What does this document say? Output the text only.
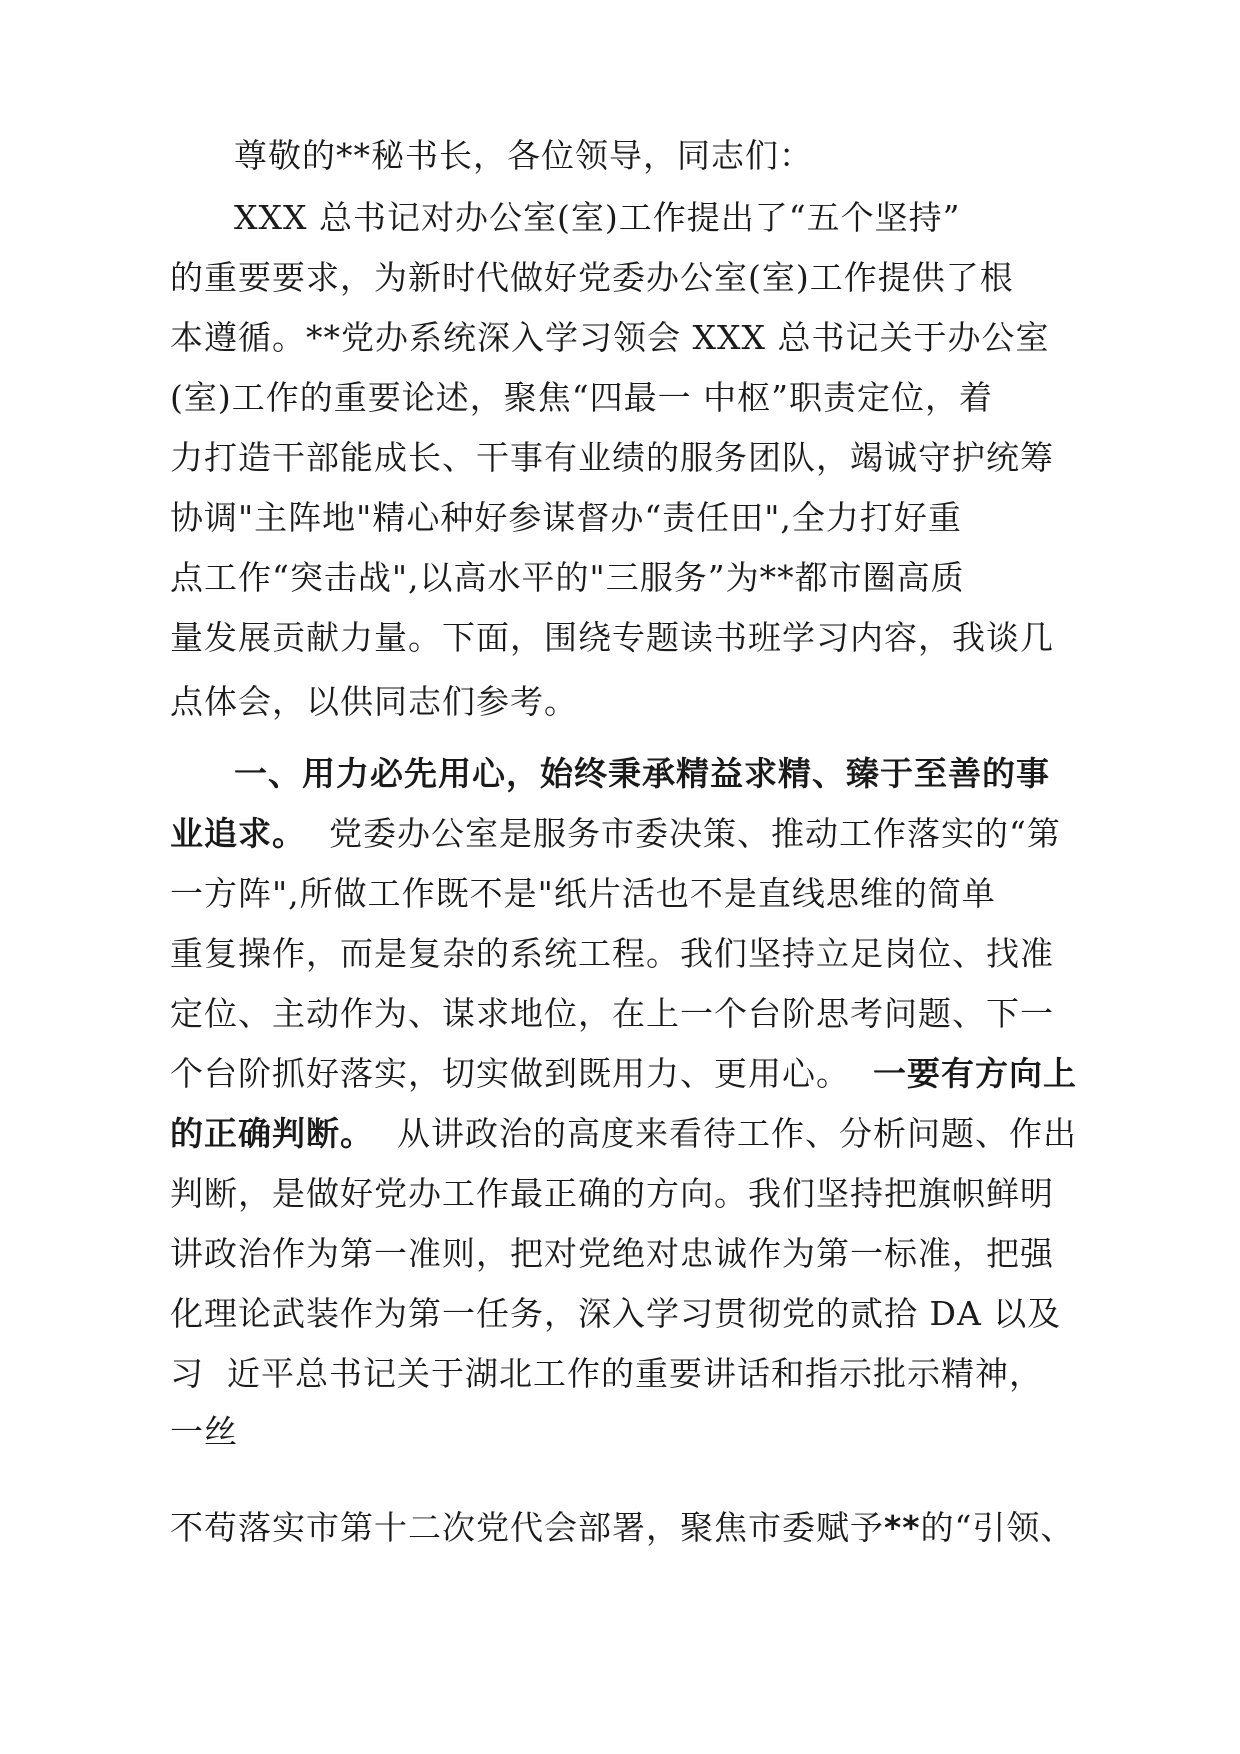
尊敬的**秘书长，各位领导，同志们：
XXX 总书记对办公室(室)工作提出了“五个坚持”
的重要要求，为新时代做好党委办公室(室)工作提供了根
本遵循。**党办系统深入学习领会 XXX 总书记关于办公室
(室)工作的重要论述，聚焦“四最一 中枢”职责定位，着
力打造干部能成长、干事有业绩的服务团队，竭诚守护统筹
协调"主阵地"精心种好参谋督办“责任田",全力打好重
点工作“突击战",以高水平的"三服务”为**都市圈高质
量发展贡献力量。下面，围绕专题读书班学习内容，我谈几
点体会，以供同志们参考。
一、用力必先用心，始终秉承精益求精、臻于至善的事
业追求。  党委办公室是服务市委决策、推动工作落实的“第
一方阵",所做工作既不是"纸片活也不是直线思维的简单
重复操作，而是复杂的系统工程。我们坚持立足岗位、找准
定位、主动作为、谋求地位，在上一个台阶思考问题、下一
个台阶抓好落实，切实做到既用力、更用心。  一要有方向上
的正确判断。  从讲政治的高度来看待工作、分析问题、作出
判断，是做好党办工作最正确的方向。我们坚持把旗帜鲜明
讲政治作为第一准则，把对党绝对忠诚作为第一标准，把强
化理论武装作为第一任务，深入学习贯彻党的贰拾 DA 以及
习  近平总书记关于湖北工作的重要讲话和指示批示精神，
一丝
不苟落实市第十二次党代会部署，聚焦市委赋予**的“引领、
